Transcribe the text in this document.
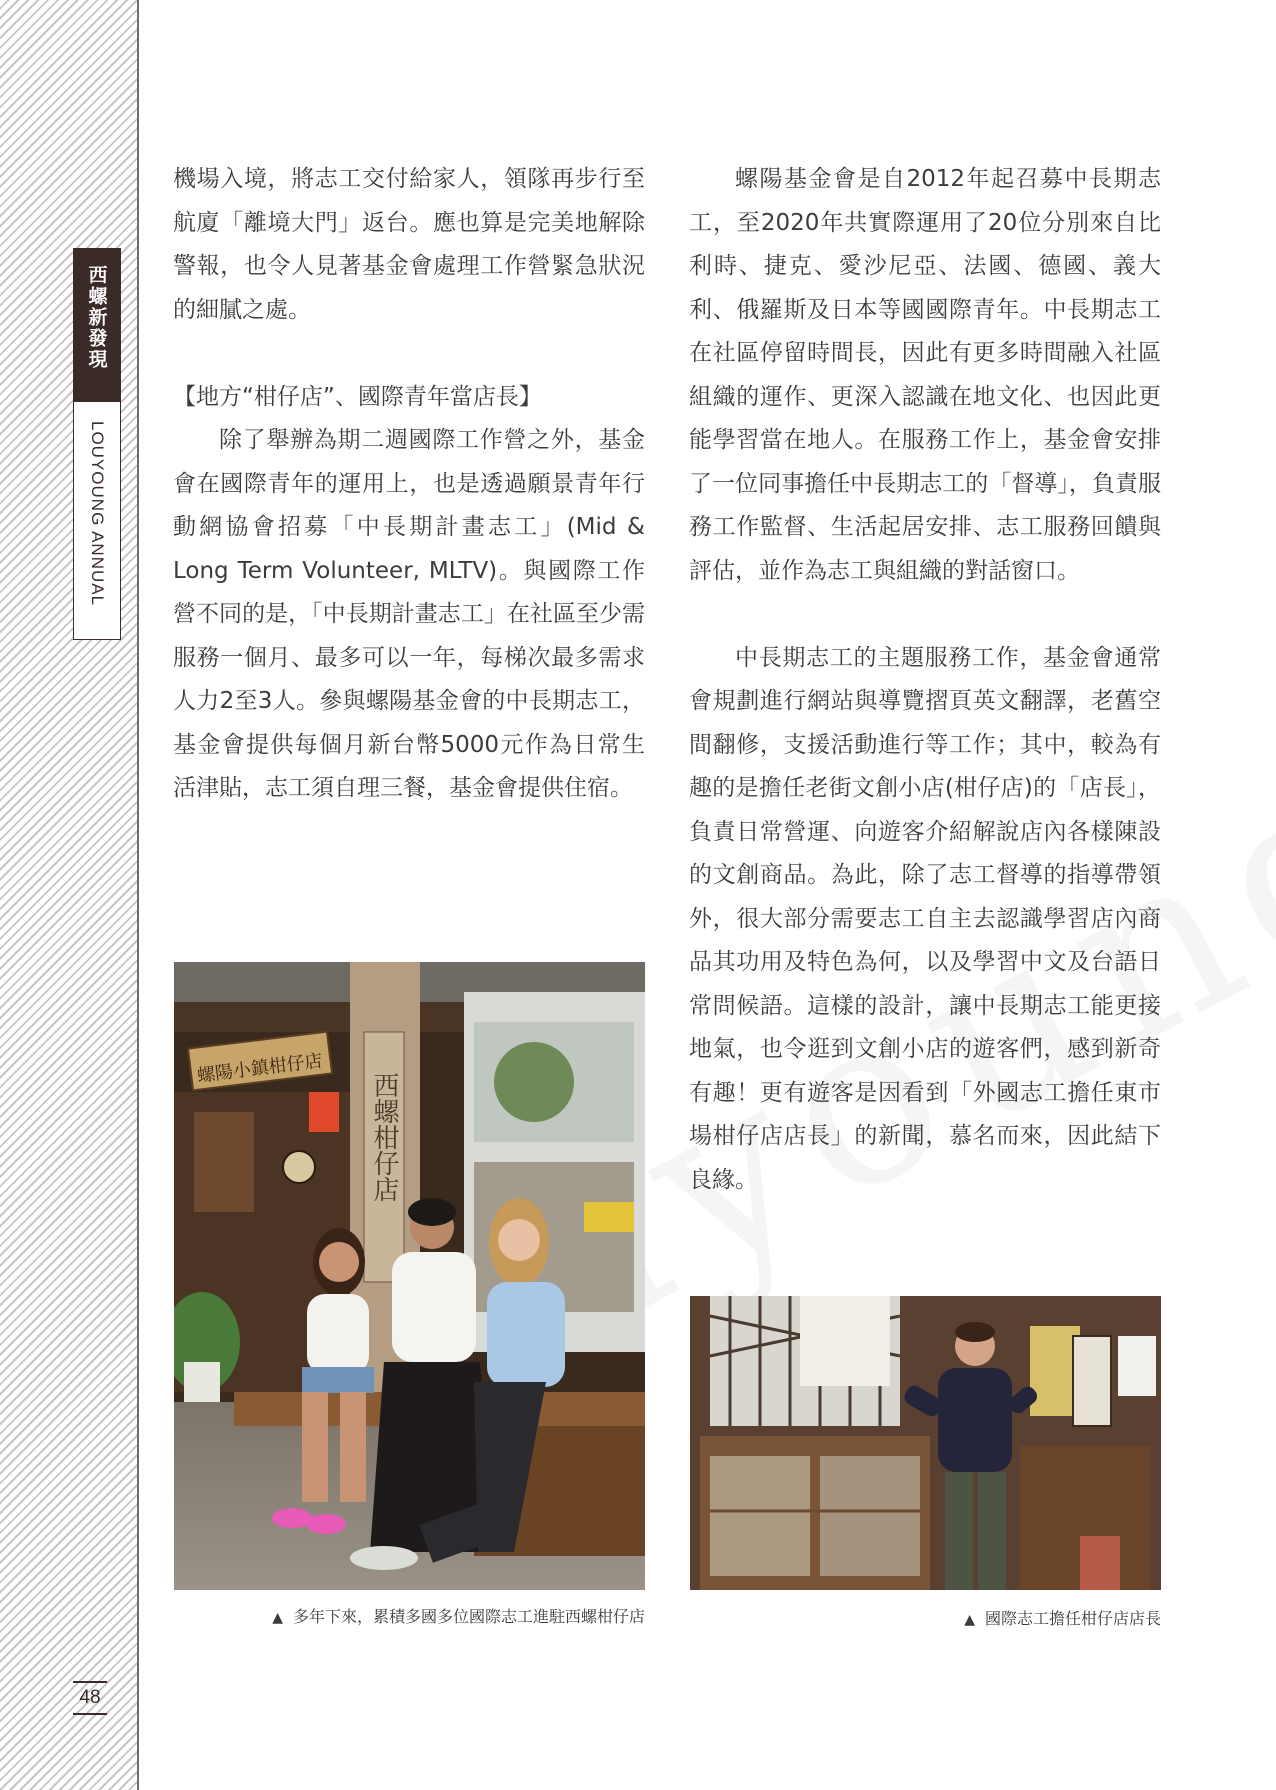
西螺新發現
LOUYOUNG ANNUAL
48

機場入境，將志工交付給家人，領隊再步行至航廈「離境大門」返台。應也算是完美地解除警報，也令人見著基金會處理工作營緊急狀況的細膩之處。

【地方“柑仔店”、國際青年當店長】

除了舉辦為期二週國際工作營之外，基金會在國際青年的運用上，也是透過願景青年行動網協會招募「中長期計畫志工」(Mid & Long Term Volunteer, MLTV)。與國際工作營不同的是，「中長期計畫志工」在社區至少需服務一個月、最多可以一年，每梯次最多需求人力2至3人。參與螺陽基金會的中長期志工，基金會提供每個月新台幣5000元作為日常生活津貼，志工須自理三餐，基金會提供住宿。

螺陽基金會是自2012年起召募中長期志工，至2020年共實際運用了20位分別來自比利時、捷克、愛沙尼亞、法國、德國、義大利、俄羅斯及日本等國國際青年。中長期志工在社區停留時間長，因此有更多時間融入社區組織的運作、更深入認識在地文化、也因此更能學習當在地人。在服務工作上，基金會安排了一位同事擔任中長期志工的「督導」，負責服務工作監督、生活起居安排、志工服務回饋與評估，並作為志工與組織的對話窗口。

中長期志工的主題服務工作，基金會通常會規劃進行網站與導覽摺頁英文翻譯，老舊空間翻修，支援活動進行等工作；其中，較為有趣的是擔任老街文創小店(柑仔店)的「店長」，負責日常營運、向遊客介紹解說店內各樣陳設的文創商品。為此，除了志工督導的指導帶領外，很大部分需要志工自主去認識學習店內商品其功用及特色為何，以及學習中文及台語日常問候語。這樣的設計，讓中長期志工能更接地氣，也令逛到文創小店的遊客們，感到新奇有趣！更有遊客是因看到「外國志工擔任東市場柑仔店店長」的新聞，慕名而來，因此結下良緣。

西螺柑仔店
螺陽小鎮柑仔店
▲ 多年下來，累積多國多位國際志工進駐西螺柑仔店	▲ 國際志工擔任柑仔店店長
